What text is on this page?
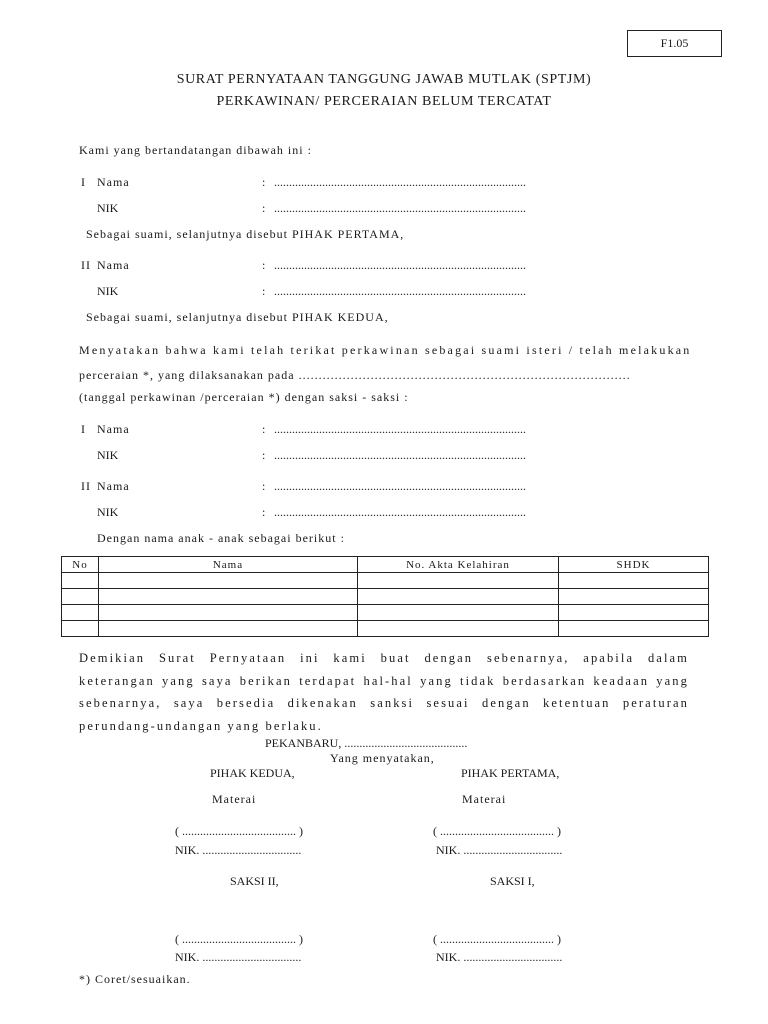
F1.05
SURAT PERNYATAAN TANGGUNG JAWAB MUTLAK (SPTJM)
PERKAWINAN/ PERCERAIAN BELUM TERCATAT
Kami yang bertandatangan dibawah ini :
I Nama	: ....................................................................................
NIK	: ....................................................................................
Sebagai suami, selanjutnya disebut PIHAK PERTAMA,
II Nama	: ....................................................................................
NIK	: ....................................................................................
Sebagai suami, selanjutnya disebut PIHAK KEDUA,
Menyatakan bahwa kami telah terikat perkawinan sebagai suami isteri / telah melakukan
perceraian *, yang dilaksanakan pada ...................................................................................
(tanggal perkawinan /perceraian *) dengan saksi - saksi :
I Nama	: ....................................................................................
NIK	: ....................................................................................
II Nama	: ....................................................................................
NIK	: ....................................................................................
Dengan nama anak - anak sebagai berikut :
No	Nama	No. Akta Kelahiran	SHDK

Demikian Surat Pernyataan ini kami buat dengan sebenarnya, apabila dalam keterangan yang saya berikan terdapat hal-hal yang tidak berdasarkan keadaan yang sebenarnya, saya bersedia dikenakan sanksi sesuai dengan ketentuan peraturan perundang-undangan yang berlaku.
PEKANBARU, .........................................
Yang menyatakan,
PIHAK KEDUA,	PIHAK PERTAMA,
Materai	Materai
( ...................................... )	( ...................................... )
NIK. .................................	NIK. .................................
SAKSI II,	SAKSI I,
( ...................................... )	( ...................................... )
NIK. .................................	NIK. .................................
*) Coret/sesuaikan.
